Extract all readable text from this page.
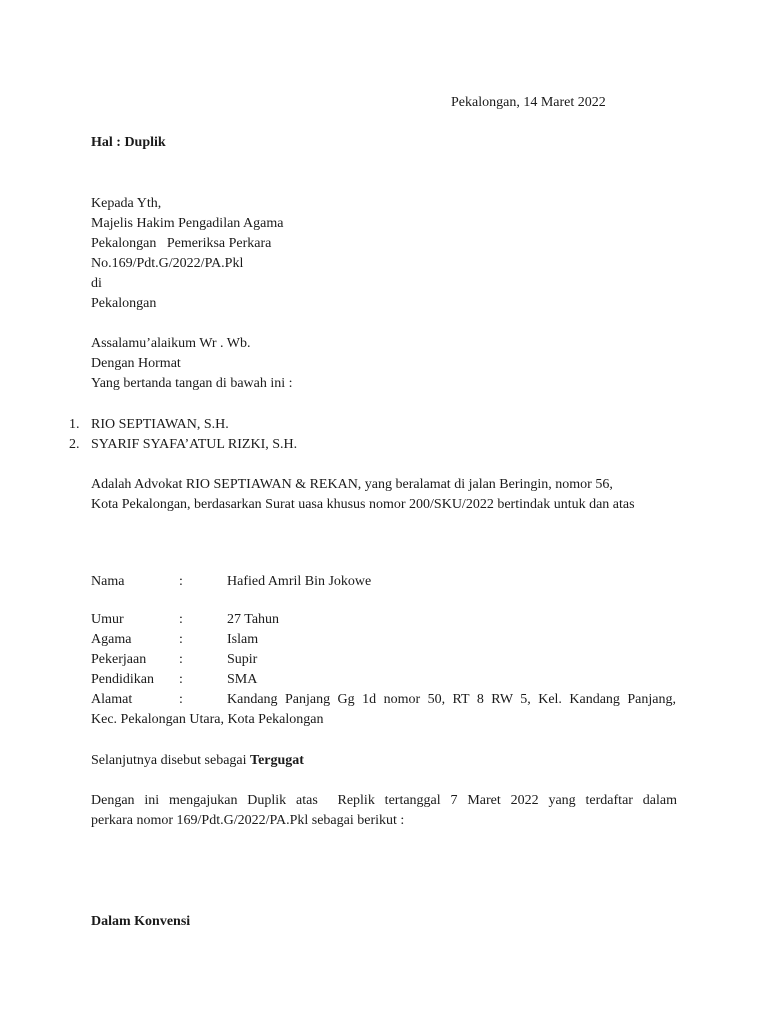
Pekalongan, 14 Maret 2022
Hal : Duplik
Kepada Yth,
Majelis Hakim Pengadilan Agama
Pekalongan   Pemeriksa Perkara
No.169/Pdt.G/2022/PA.Pkl
di
Pekalongan
Assalamu’alaikum Wr . Wb.
Dengan Hormat
Yang bertanda tangan di bawah ini :
1. RIO SEPTIAWAN, S.H.
2. SYARIF SYAFA’ATUL RIZKI, S.H.
Adalah Advokat RIO SEPTIAWAN & REKAN, yang beralamat di jalan Beringin, nomor 56,
Kota Pekalongan, berdasarkan Surat uasa khusus nomor 200/SKU/2022 bertindak untuk dan atas
Nama	:	Hafied Amril Bin Jokowe
Umur	:	27 Tahun
Agama	:	Islam
Pekerjaan :	Supir
Pendidikan :	SMA
Alamat	:	Kandang Panjang Gg 1d nomor 50, RT 8 RW 5, Kel. Kandang Panjang,
Kec. Pekalongan Utara, Kota Pekalongan
Selanjutnya disebut sebagai Tergugat
Dengan ini mengajukan Duplik atas  Replik tertanggal 7 Maret 2022 yang terdaftar dalam
perkara nomor 169/Pdt.G/2022/PA.Pkl sebagai berikut :
Dalam Konvensi
